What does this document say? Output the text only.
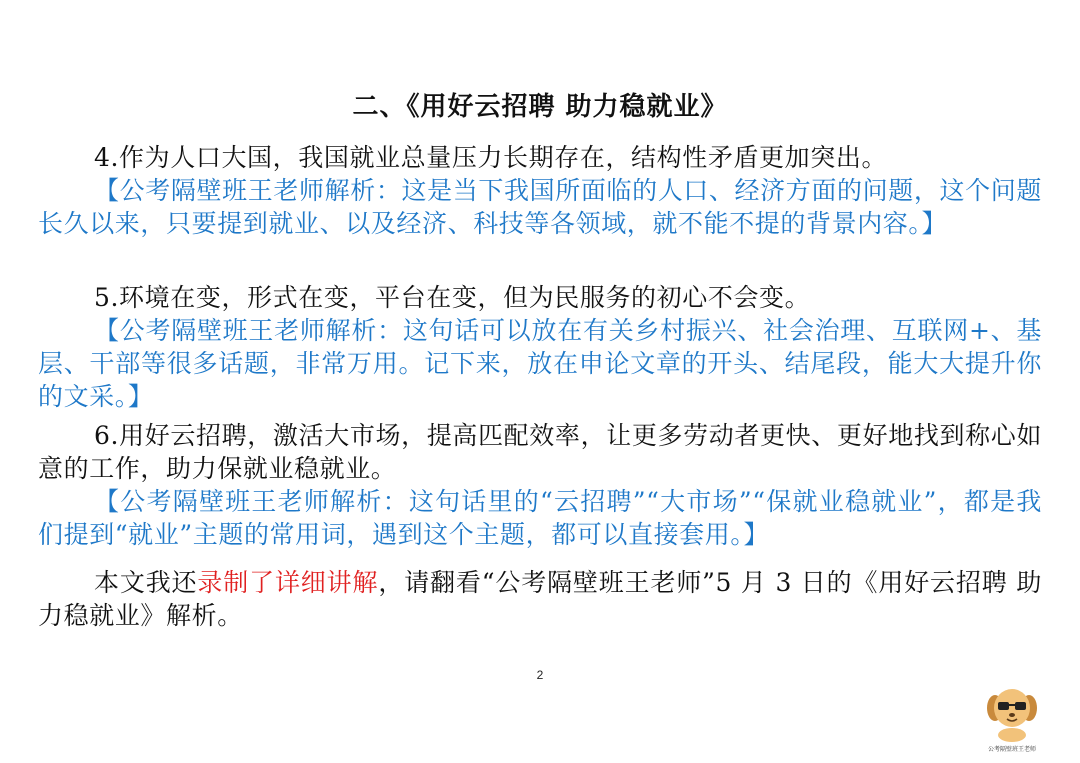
二、《用好云招聘 助力稳就业》

4.作为人口大国，我国就业总量压力长期存在，结构性矛盾更加突出。

【公考隔壁班王老师解析：这是当下我国所面临的人口、经济方面的问题，这个问题长久以来，只要提到就业、以及经济、科技等各领域，就不能不提的背景内容。】

5.环境在变，形式在变，平台在变，但为民服务的初心不会变。

【公考隔壁班王老师解析：这句话可以放在有关乡村振兴、社会治理、互联网+、基层、干部等很多话题，非常万用。记下来，放在申论文章的开头、结尾段，能大大提升你的文采。】

6.用好云招聘，激活大市场，提高匹配效率，让更多劳动者更快、更好地找到称心如意的工作，助力保就业稳就业。

【公考隔壁班王老师解析：这句话里的“云招聘”“大市场”“保就业稳就业”，都是我们提到“就业”主题的常用词，遇到这个主题，都可以直接套用。】

本文我还录制了详细讲解，请翻看“公考隔壁班王老师”5 月 3 日的《用好云招聘 助力稳就业》解析。

2
公考隔壁班王老师
